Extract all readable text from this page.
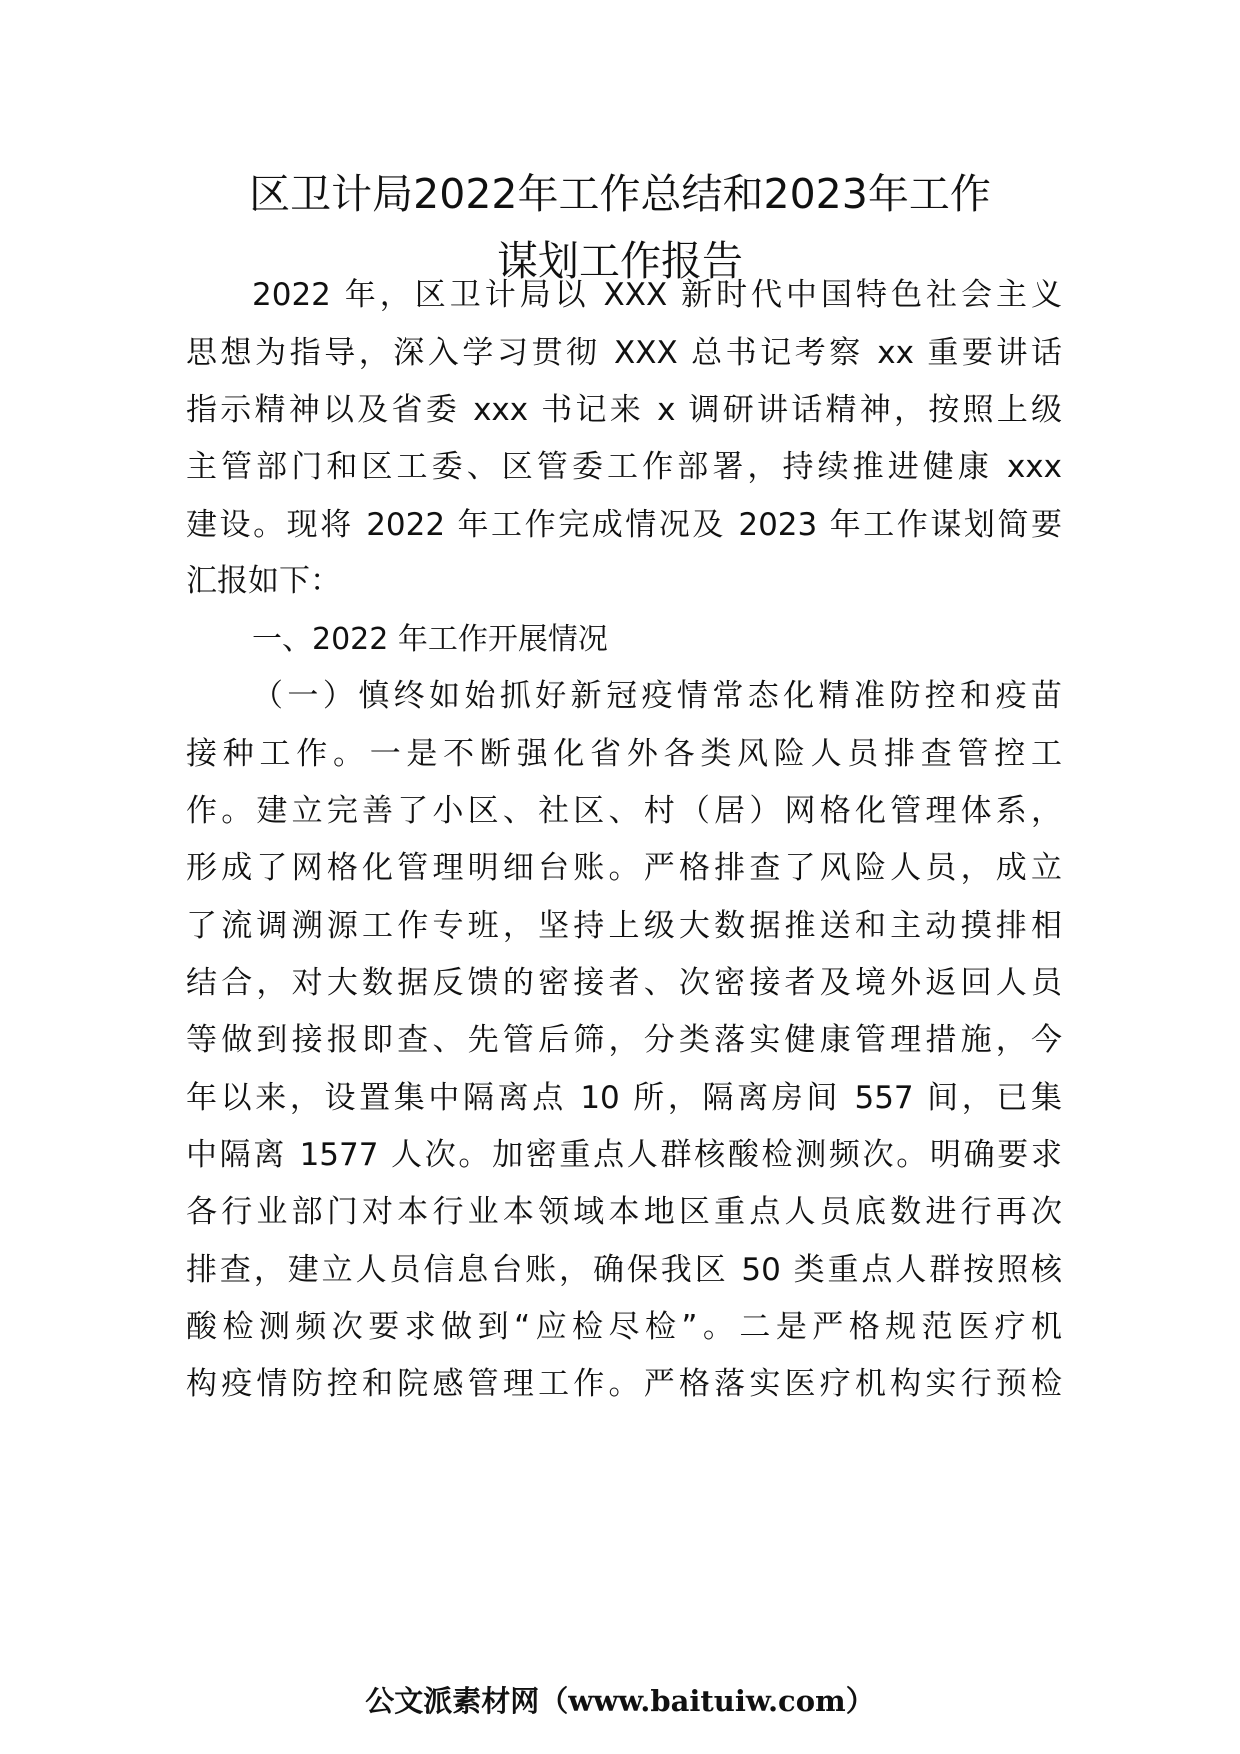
区卫计局2022年工作总结和2023年工作
谋划工作报告
2022 年，区卫计局以 XXX 新时代中国特色社会主义
思想为指导，深入学习贯彻 XXX 总书记考察 xx 重要讲话
指示精神以及省委 xxx 书记来 x 调研讲话精神，按照上级
主管部门和区工委、区管委工作部署，持续推进健康 xxx
建设。现将 2022 年工作完成情况及 2023 年工作谋划简要
汇报如下：
一、2022 年工作开展情况
（一）慎终如始抓好新冠疫情常态化精准防控和疫苗
接种工作。一是不断强化省外各类风险人员排查管控工
作。建立完善了小区、社区、村（居）网格化管理体系，
形成了网格化管理明细台账。严格排查了风险人员，成立
了流调溯源工作专班，坚持上级大数据推送和主动摸排相
结合，对大数据反馈的密接者、次密接者及境外返回人员
等做到接报即查、先管后筛，分类落实健康管理措施，今
年以来，设置集中隔离点 10 所，隔离房间 557 间，已集
中隔离 1577 人次。加密重点人群核酸检测频次。明确要求
各行业部门对本行业本领域本地区重点人员底数进行再次
排查，建立人员信息台账，确保我区 50 类重点人群按照核
酸检测频次要求做到“应检尽检”。二是严格规范医疗机
构疫情防控和院感管理工作。严格落实医疗机构实行预检
公文派素材网（www.baituiw.com）
